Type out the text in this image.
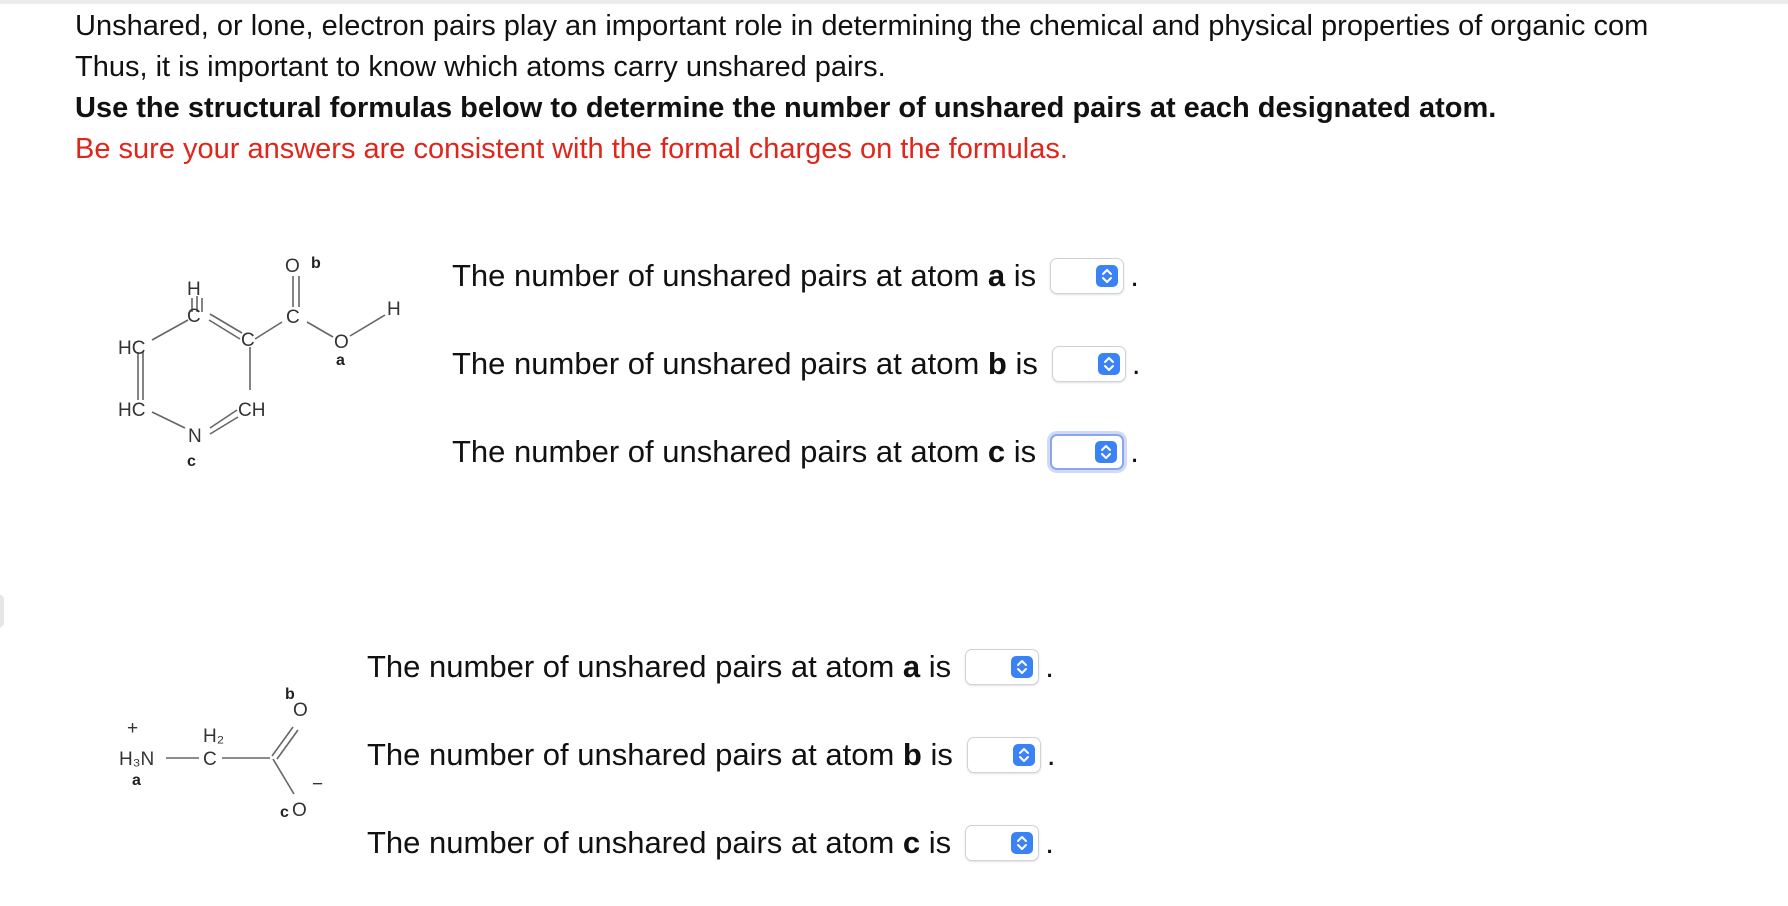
Unshared, or lone, electron pairs play an important role in determining the chemical and physical properties of organic com

Thus, it is important to know which atoms carry unshared pairs.

Use the structural formulas below to determine the number of unshared pairs at each designated atom.

Be sure your answers are consistent with the formal charges on the formulas.

H
C
HC	C
HC	CH
N
c
C
O b
O
a
H
+
H₃N
a
H₂
C
b
O
−
c O
The number of unshared pairs at atom
a
is	.
The number of unshared pairs at atom
b
is	.
The number of unshared pairs at atom
c
is	.
The number of unshared pairs at atom
a
is	.
The number of unshared pairs at atom
b
is	.
The number of unshared pairs at atom
c
is	.
